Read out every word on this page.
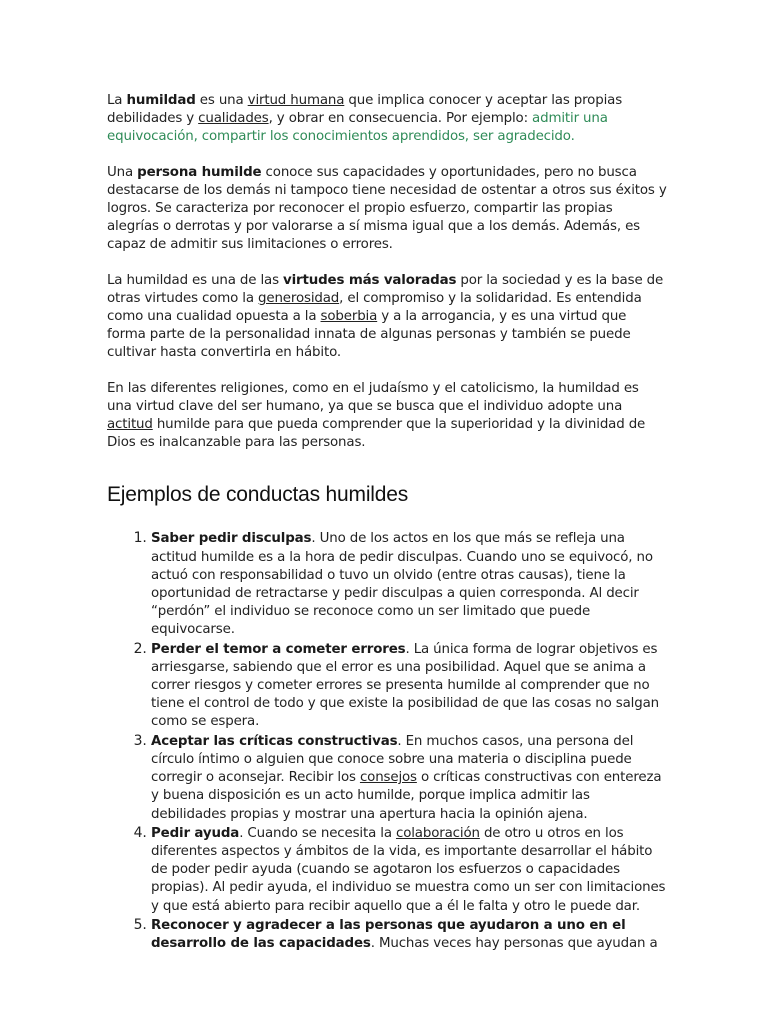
La humildad es una virtud humana que implica conocer y aceptar las propias debilidades y cualidades, y obrar en consecuencia. Por ejemplo: admitir una equivocación, compartir los conocimientos aprendidos, ser agradecido.

Una persona humilde conoce sus capacidades y oportunidades, pero no busca destacarse de los demás ni tampoco tiene necesidad de ostentar a otros sus éxitos y logros. Se caracteriza por reconocer el propio esfuerzo, compartir las propias alegrías o derrotas y por valorarse a sí misma igual que a los demás. Además, es capaz de admitir sus limitaciones o errores.

La humildad es una de las virtudes más valoradas por la sociedad y es la base de otras virtudes como la generosidad, el compromiso y la solidaridad. Es entendida como una cualidad opuesta a la soberbia y a la arrogancia, y es una virtud que forma parte de la personalidad innata de algunas personas y también se puede cultivar hasta convertirla en hábito.

En las diferentes religiones, como en el judaísmo y el catolicismo, la humildad es una virtud clave del ser humano, ya que se busca que el individuo adopte una actitud humilde para que pueda comprender que la superioridad y la divinidad de Dios es inalcanzable para las personas.

Ejemplos de conductas humildes
1. Saber pedir disculpas. Uno de los actos en los que más se refleja una actitud humilde es a la hora de pedir disculpas. Cuando uno se equivocó, no actuó con responsabilidad o tuvo un olvido (entre otras causas), tiene la oportunidad de retractarse y pedir disculpas a quien corresponda. Al decir “perdón” el individuo se reconoce como un ser limitado que puede equivocarse.
2. Perder el temor a cometer errores. La única forma de lograr objetivos es arriesgarse, sabiendo que el error es una posibilidad. Aquel que se anima a correr riesgos y cometer errores se presenta humilde al comprender que no tiene el control de todo y que existe la posibilidad de que las cosas no salgan como se espera.
3. Aceptar las críticas constructivas. En muchos casos, una persona del círculo íntimo o alguien que conoce sobre una materia o disciplina puede corregir o aconsejar. Recibir los consejos o críticas constructivas con entereza y buena disposición es un acto humilde, porque implica admitir las debilidades propias y mostrar una apertura hacia la opinión ajena.
4. Pedir ayuda. Cuando se necesita la colaboración de otro u otros en los diferentes aspectos y ámbitos de la vida, es importante desarrollar el hábito de poder pedir ayuda (cuando se agotaron los esfuerzos o capacidades propias). Al pedir ayuda, el individuo se muestra como un ser con limitaciones y que está abierto para recibir aquello que a él le falta y otro le puede dar.
5. Reconocer y agradecer a las personas que ayudaron a uno en el desarrollo de las capacidades. Muchas veces hay personas que ayudan a
